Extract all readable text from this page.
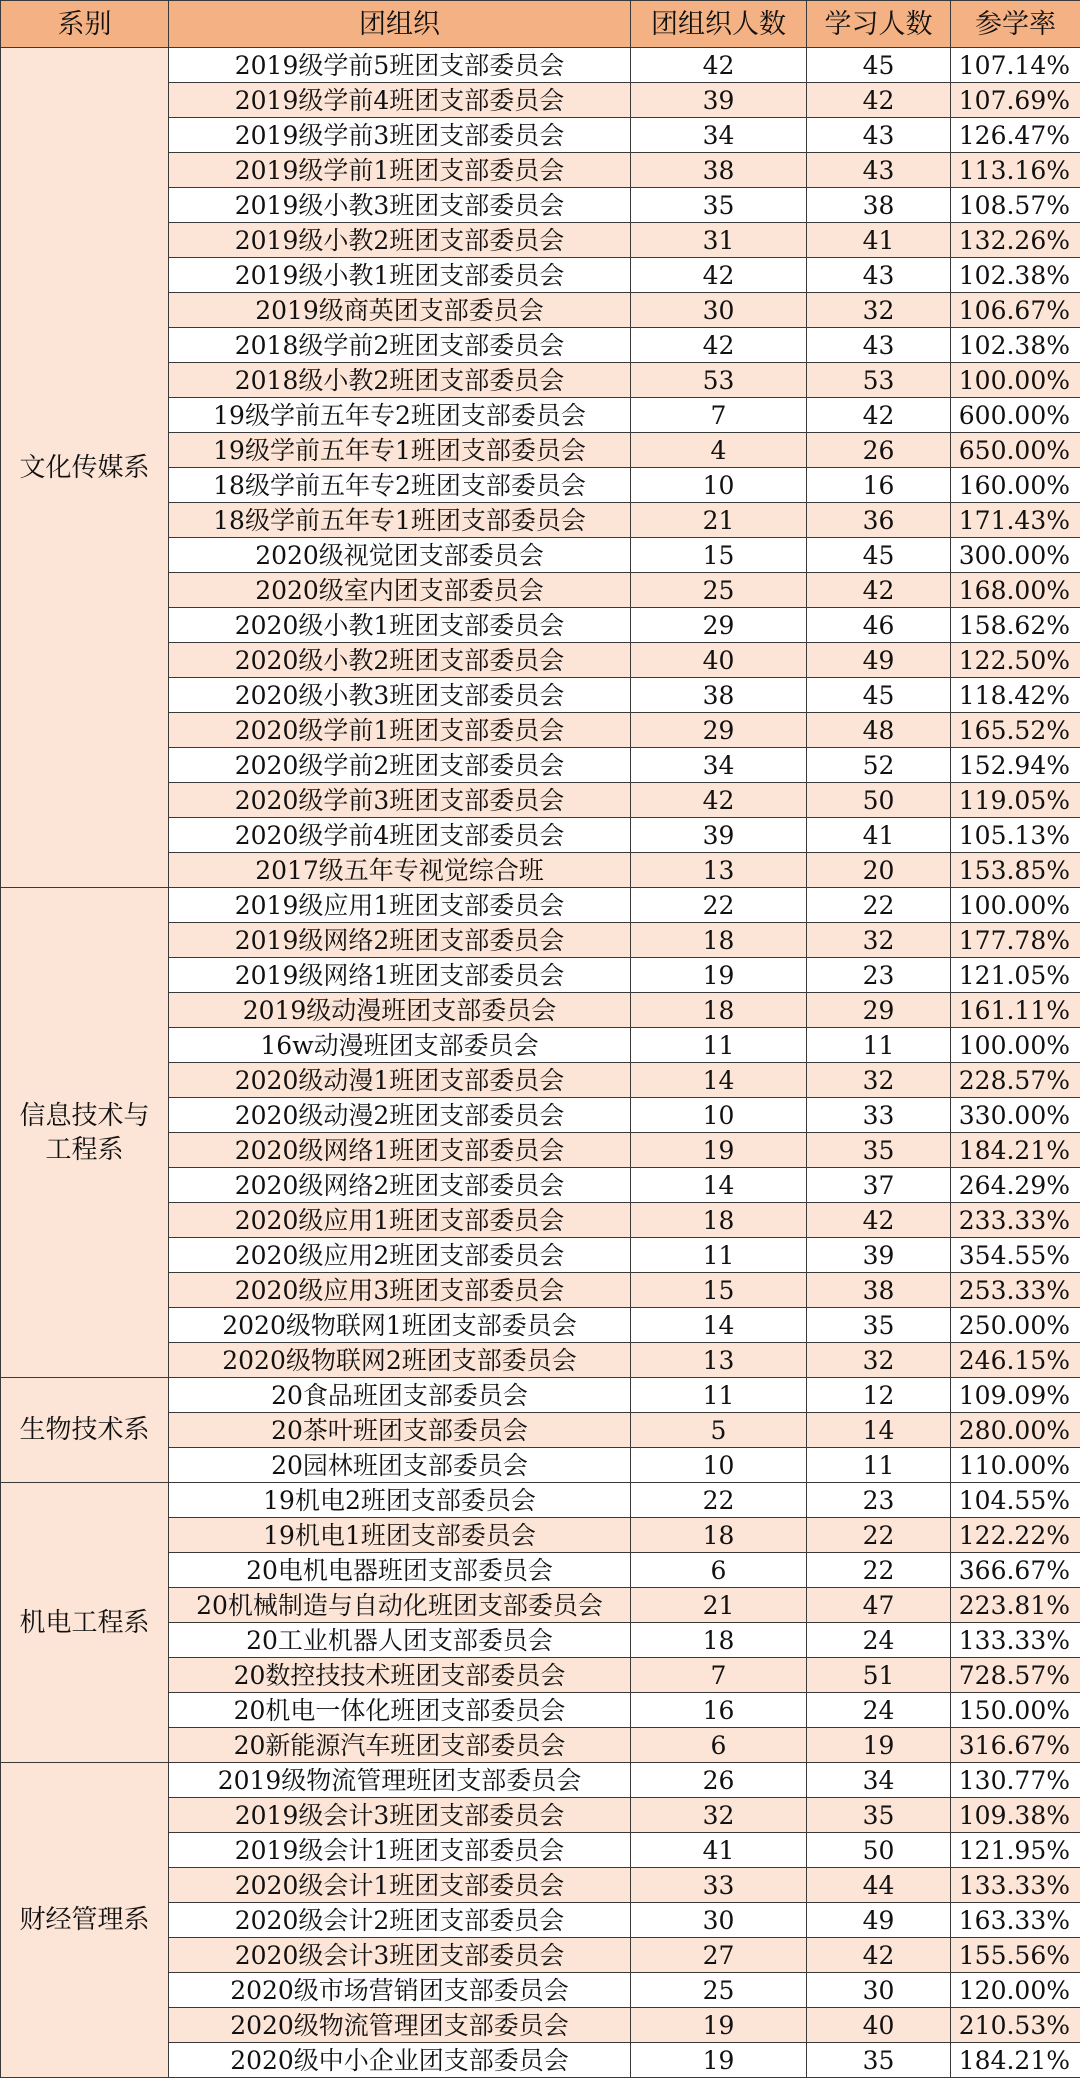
系别	团组织	团组织人数	学习人数	参学率
文化传媒系	2019级学前5班团支部委员会	42	45	107.14%
	2019级学前4班团支部委员会	39	42	107.69%
	2019级学前3班团支部委员会	34	43	126.47%
	2019级学前1班团支部委员会	38	43	113.16%
	2019级小教3班团支部委员会	35	38	108.57%
	2019级小教2班团支部委员会	31	41	132.26%
	2019级小教1班团支部委员会	42	43	102.38%
	2019级商英团支部委员会	30	32	106.67%
	2018级学前2班团支部委员会	42	43	102.38%
	2018级小教2班团支部委员会	53	53	100.00%
	19级学前五年专2班团支部委员会	7	42	600.00%
	19级学前五年专1班团支部委员会	4	26	650.00%
	18级学前五年专2班团支部委员会	10	16	160.00%
	18级学前五年专1班团支部委员会	21	36	171.43%
	2020级视觉团支部委员会	15	45	300.00%
	2020级室内团支部委员会	25	42	168.00%
	2020级小教1班团支部委员会	29	46	158.62%
	2020级小教2班团支部委员会	40	49	122.50%
	2020级小教3班团支部委员会	38	45	118.42%
	2020级学前1班团支部委员会	29	48	165.52%
	2020级学前2班团支部委员会	34	52	152.94%
	2020级学前3班团支部委员会	42	50	119.05%
	2020级学前4班团支部委员会	39	41	105.13%
	2017级五年专视觉综合班	13	20	153.85%
信息技术与工程系	2019级应用1班团支部委员会	22	22	100.00%
	2019级网络2班团支部委员会	18	32	177.78%
	2019级网络1班团支部委员会	19	23	121.05%
	2019级动漫班团支部委员会	18	29	161.11%
	16w动漫班团支部委员会	11	11	100.00%
	2020级动漫1班团支部委员会	14	32	228.57%
	2020级动漫2班团支部委员会	10	33	330.00%
	2020级网络1班团支部委员会	19	35	184.21%
	2020级网络2班团支部委员会	14	37	264.29%
	2020级应用1班团支部委员会	18	42	233.33%
	2020级应用2班团支部委员会	11	39	354.55%
	2020级应用3班团支部委员会	15	38	253.33%
	2020级物联网1班团支部委员会	14	35	250.00%
	2020级物联网2班团支部委员会	13	32	246.15%
生物技术系	20食品班团支部委员会	11	12	109.09%
	20茶叶班团支部委员会	5	14	280.00%
	20园林班团支部委员会	10	11	110.00%
机电工程系	19机电2班团支部委员会	22	23	104.55%
	19机电1班团支部委员会	18	22	122.22%
	20电机电器班团支部委员会	6	22	366.67%
	20机械制造与自动化班团支部委员会	21	47	223.81%
	20工业机器人团支部委员会	18	24	133.33%
	20数控技技术班团支部委员会	7	51	728.57%
	20机电一体化班团支部委员会	16	24	150.00%
	20新能源汽车班团支部委员会	6	19	316.67%
财经管理系	2019级物流管理班团支部委员会	26	34	130.77%
	2019级会计3班团支部委员会	32	35	109.38%
	2019级会计1班团支部委员会	41	50	121.95%
	2020级会计1班团支部委员会	33	44	133.33%
	2020级会计2班团支部委员会	30	49	163.33%
	2020级会计3班团支部委员会	27	42	155.56%
	2020级市场营销团支部委员会	25	30	120.00%
	2020级物流管理团支部委员会	19	40	210.53%
	2020级中小企业团支部委员会	19	35	184.21%
